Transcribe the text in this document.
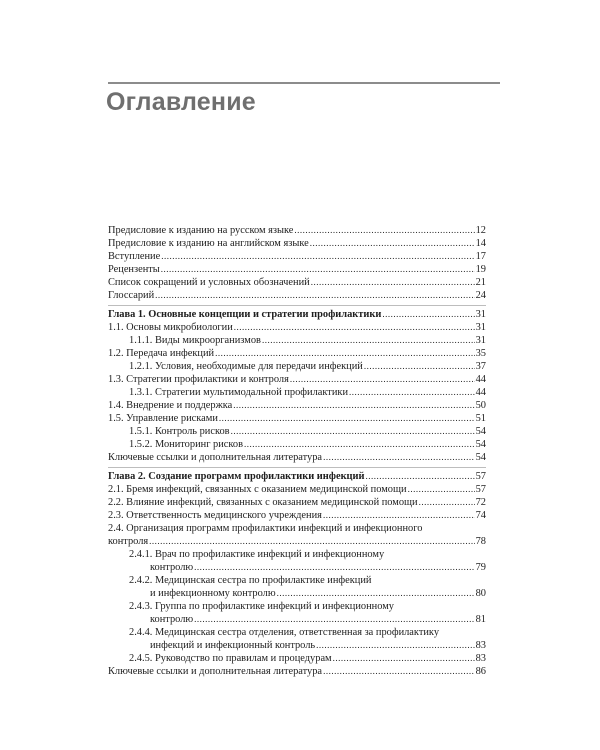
Оглавление
Предисловие к изданию на русском языке .....	12
Предисловие к изданию на английском языке .....	14
Вступление .....	17
Рецензенты .....	19
Список сокращений и условных обозначений .....	21
Глоссарий .....	24
Глава 1. Основные концепции и стратегии профилактики .....	31
1.1. Основы микробиологии .....	31
1.1.1. Виды микроорганизмов .....	31
1.2. Передача инфекций .....	35
1.2.1. Условия, необходимые для передачи инфекций .....	37
1.3. Стратегии профилактики и контроля .....	44
1.3.1. Стратегии мультимодальной профилактики .....	44
1.4. Внедрение и поддержка .....	50
1.5. Управление рисками .....	51
1.5.1. Контроль рисков .....	54
1.5.2. Мониторинг рисков .....	54
Ключевые ссылки и дополнительная литература .....	54
Глава 2. Создание программ профилактики инфекций .....	57
2.1. Бремя инфекций, связанных с оказанием медицинской помощи .....	57
2.2. Влияние инфекций, связанных с оказанием медицинской помощи .....	72
2.3. Ответственность медицинского учреждения .....	74
2.4. Организация программ профилактики инфекций и инфекционного
контроля .....	78
2.4.1. Врач по профилактике инфекций и инфекционному
контролю .....	79
2.4.2. Медицинская сестра по профилактике инфекций
и инфекционному контролю .....	80
2.4.3. Группа по профилактике инфекций и инфекционному
контролю .....	81
2.4.4. Медицинская сестра отделения, ответственная за профилактику
инфекций и инфекционный контроль .....	83
2.4.5. Руководство по правилам и процедурам .....	83
Ключевые ссылки и дополнительная литература .....	86
